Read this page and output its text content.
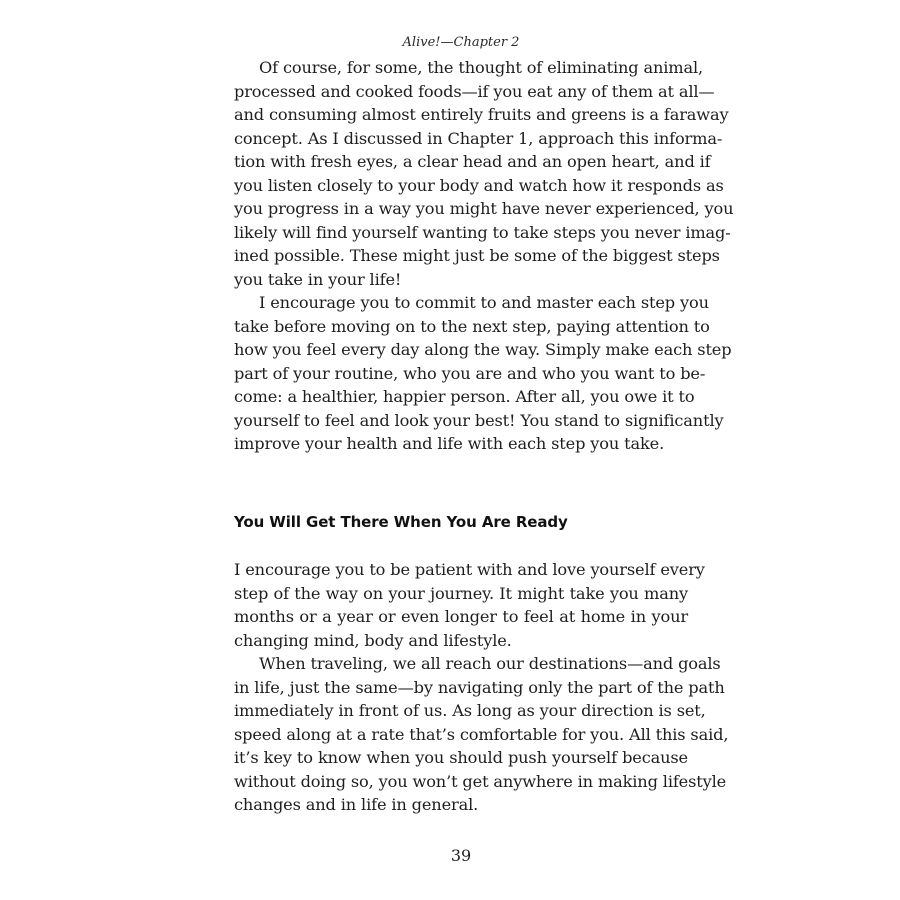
Alive!—Chapter 2
Of course, for some, the thought of eliminating animal,
processed and cooked foods—if you eat any of them at all—
and consuming almost entirely fruits and greens is a faraway
concept. As I discussed in Chapter 1, approach this informa-
tion with fresh eyes, a clear head and an open heart, and if
you listen closely to your body and watch how it responds as
you progress in a way you might have never experienced, you
likely will find yourself wanting to take steps you never imag-
ined possible. These might just be some of the biggest steps
you take in your life!
I encourage you to commit to and master each step you
take before moving on to the next step, paying attention to
how you feel every day along the way. Simply make each step
part of your routine, who you are and who you want to be-
come: a healthier, happier person. After all, you owe it to
yourself to feel and look your best! You stand to significantly
improve your health and life with each step you take.
You Will Get There When You Are Ready
I encourage you to be patient with and love yourself every
step of the way on your journey. It might take you many
months or a year or even longer to feel at home in your
changing mind, body and lifestyle.
When traveling, we all reach our destinations—and goals
in life, just the same—by navigating only the part of the path
immediately in front of us. As long as your direction is set,
speed along at a rate that’s comfortable for you. All this said,
it’s key to know when you should push yourself because
without doing so, you won’t get anywhere in making lifestyle
changes and in life in general.
39
